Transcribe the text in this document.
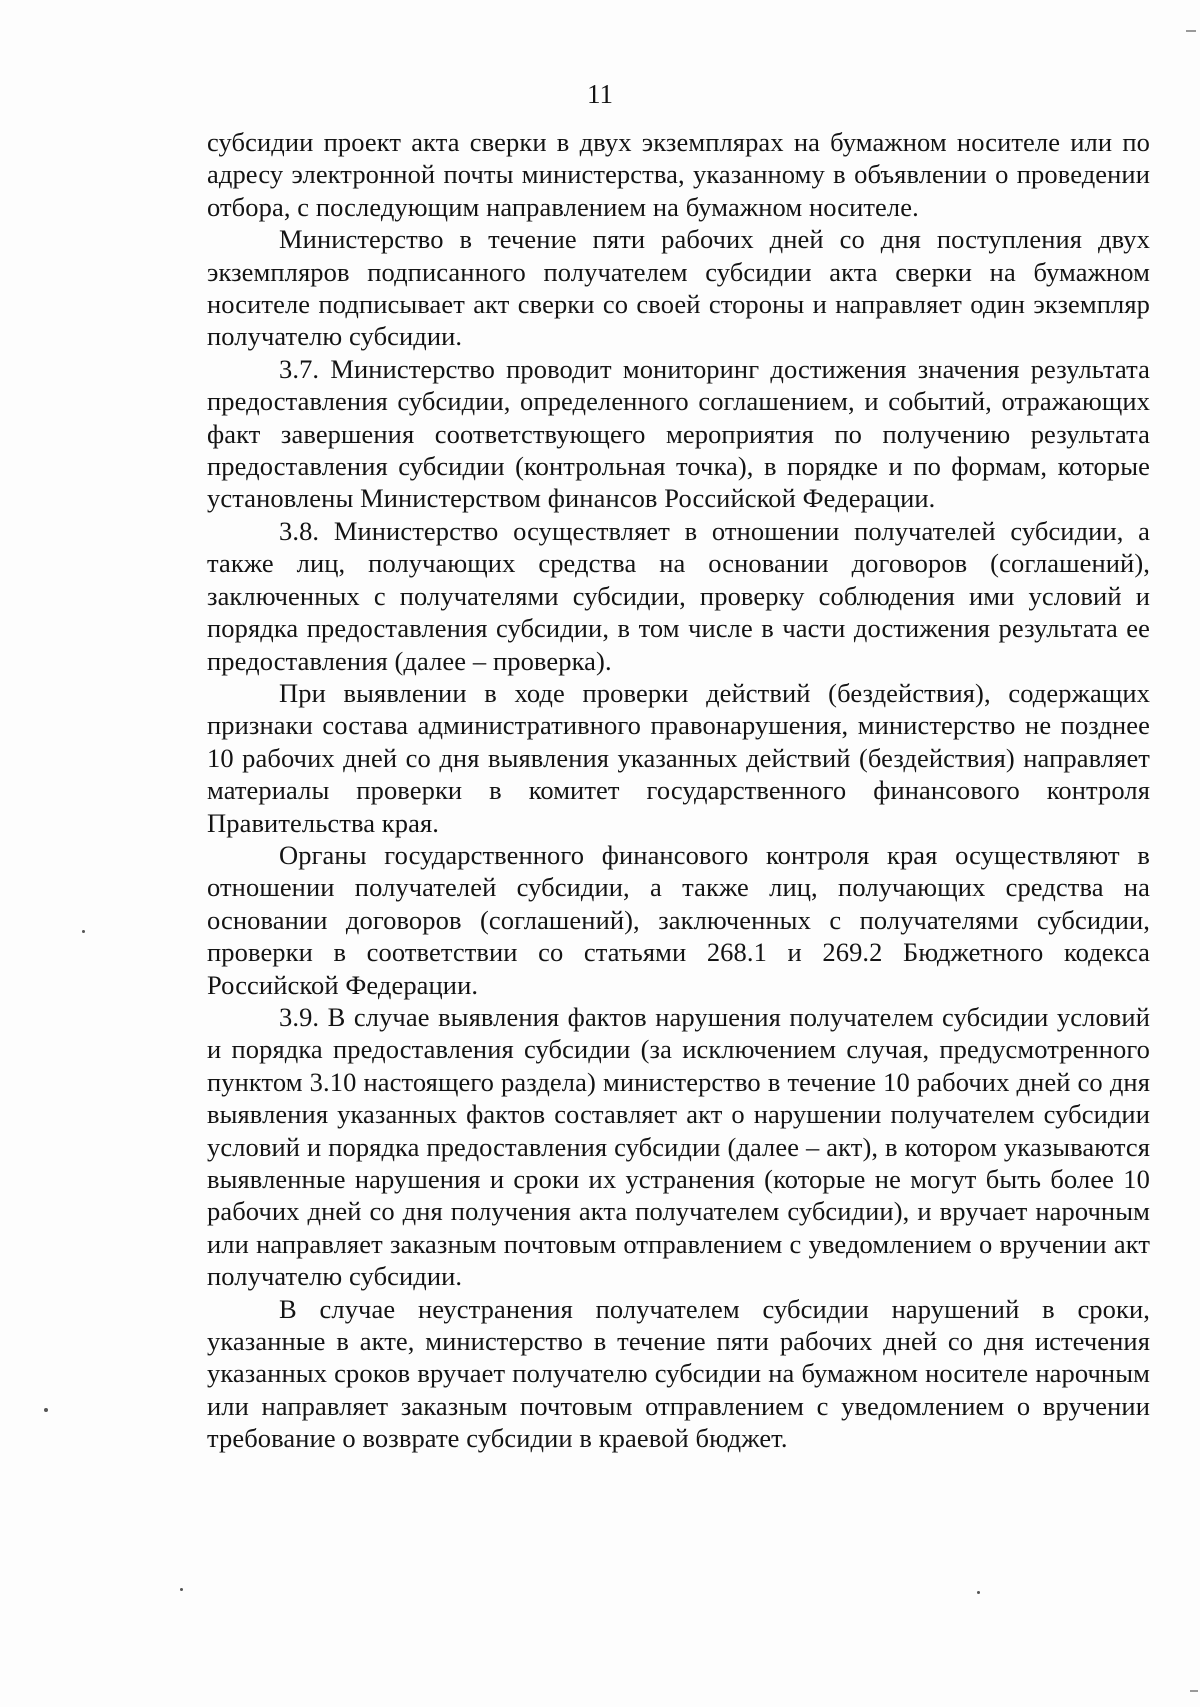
11

субсидии проект акта сверки в двух экземплярах на бумажном носителе или по адресу электронной почты министерства, указанному в объявлении о проведении отбора, с последующим направлением на бумажном носителе.

Министерство в течение пяти рабочих дней со дня поступления двух экземпляров подписанного получателем субсидии акта сверки на бумажном носителе подписывает акт сверки со своей стороны и направляет один экземпляр получателю субсидии.

3.7. Министерство проводит мониторинг достижения значения результата предоставления субсидии, определенного соглашением, и событий, отражающих факт завершения соответствующего мероприятия по получению результата предоставления субсидии (контрольная точка), в порядке и по формам, которые установлены Министерством финансов Российской Федерации.

3.8. Министерство осуществляет в отношении получателей субсидии, а также лиц, получающих средства на основании договоров (соглашений), заключенных с получателями субсидии, проверку соблюдения ими условий и порядка предоставления субсидии, в том числе в части достижения результата ее предоставления (далее – проверка).

При выявлении в ходе проверки действий (бездействия), содержащих признаки состава административного правонарушения, министерство не позднее 10 рабочих дней со дня выявления указанных действий (бездействия) направляет материалы проверки в комитет государственного финансового контроля Правительства края.

Органы государственного финансового контроля края осуществляют в отношении получателей субсидии, а также лиц, получающих средства на основании договоров (соглашений), заключенных с получателями субсидии, проверки в соответствии со статьями 268.1 и 269.2 Бюджетного кодекса Российской Федерации.

3.9. В случае выявления фактов нарушения получателем субсидии условий и порядка предоставления субсидии (за исключением случая, предусмотренного пунктом 3.10 настоящего раздела) министерство в течение 10 рабочих дней со дня выявления указанных фактов составляет акт о нарушении получателем субсидии условий и порядка предоставления субсидии (далее – акт), в котором указываются выявленные нарушения и сроки их устранения (которые не могут быть более 10 рабочих дней со дня получения акта получателем субсидии), и вручает нарочным или направляет заказным почтовым отправлением с уведомлением о вручении акт получателю субсидии.

В случае неустранения получателем субсидии нарушений в сроки, указанные в акте, министерство в течение пяти рабочих дней со дня истечения указанных сроков вручает получателю субсидии на бумажном носителе нарочным или направляет заказным почтовым отправлением с уведомлением о вручении требование о возврате субсидии в краевой бюджет.
